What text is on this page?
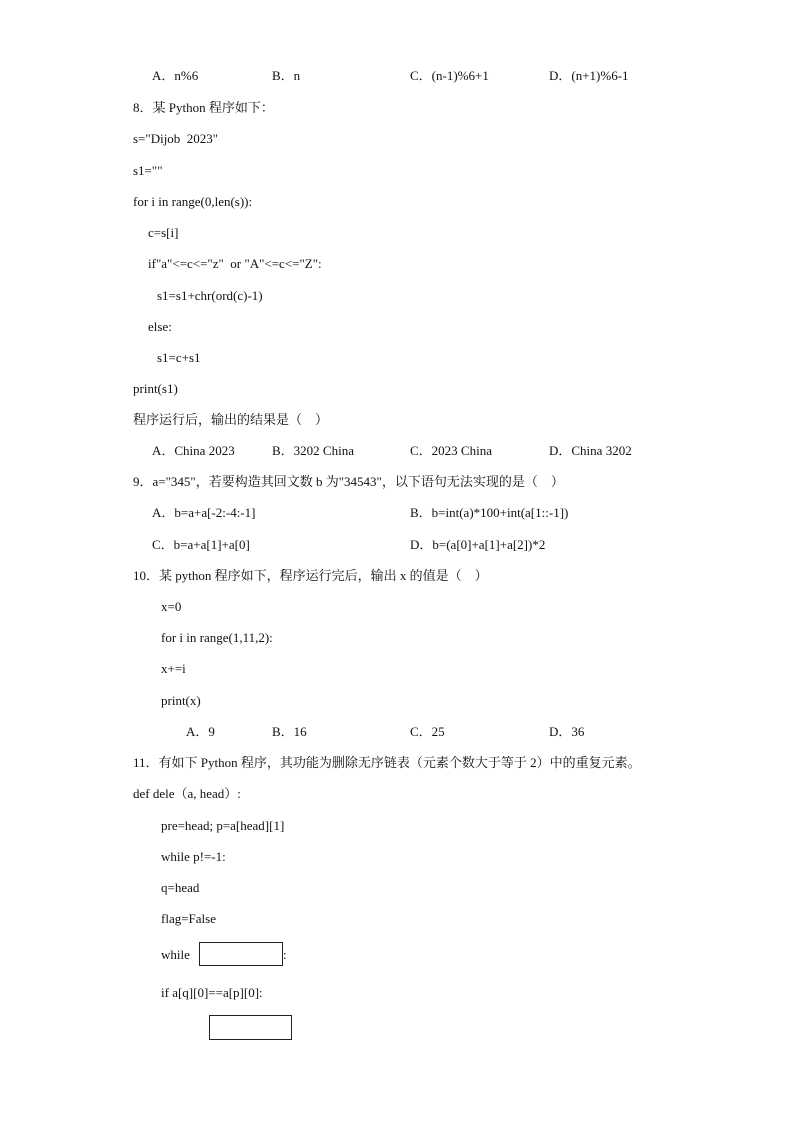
A．n%6	B．n	C．(n-1)%6+1	D．(n+1)%6-1
8．某 Python 程序如下：
s="Dijob  2023"
s1=""
for i in range(0,len(s)):
c=s[i]
if"a"<=c<="z"  or "A"<=c<="Z":
s1=s1+chr(ord(c)-1)
else:
s1=c+s1
print(s1)
程序运行后，输出的结果是（    ）
A．China 2023	B．3202 China	C．2023 China	D．China 3202
9．a="345"，若要构造其回文数 b 为"34543"，以下语句无法实现的是（    ）
A．b=a+a[-2:-4:-1]	B．b=int(a)*100+int(a[1::-1])
C．b=a+a[1]+a[0]	D．b=(a[0]+a[1]+a[2])*2
10．某 python 程序如下，程序运行完后，输出 x 的值是（    ）
x=0
for i in range(1,11,2):
x+=i
print(x)
A．9	B．16	C．25	D．36
11．有如下 Python 程序，其功能为删除无序链表（元素个数大于等于 2）中的重复元素。
def dele（a, head）:
pre=head; p=a[head][1]
while p!=-1:
q=head
flag=False
while	:
if a[q][0]==a[p][0]:
